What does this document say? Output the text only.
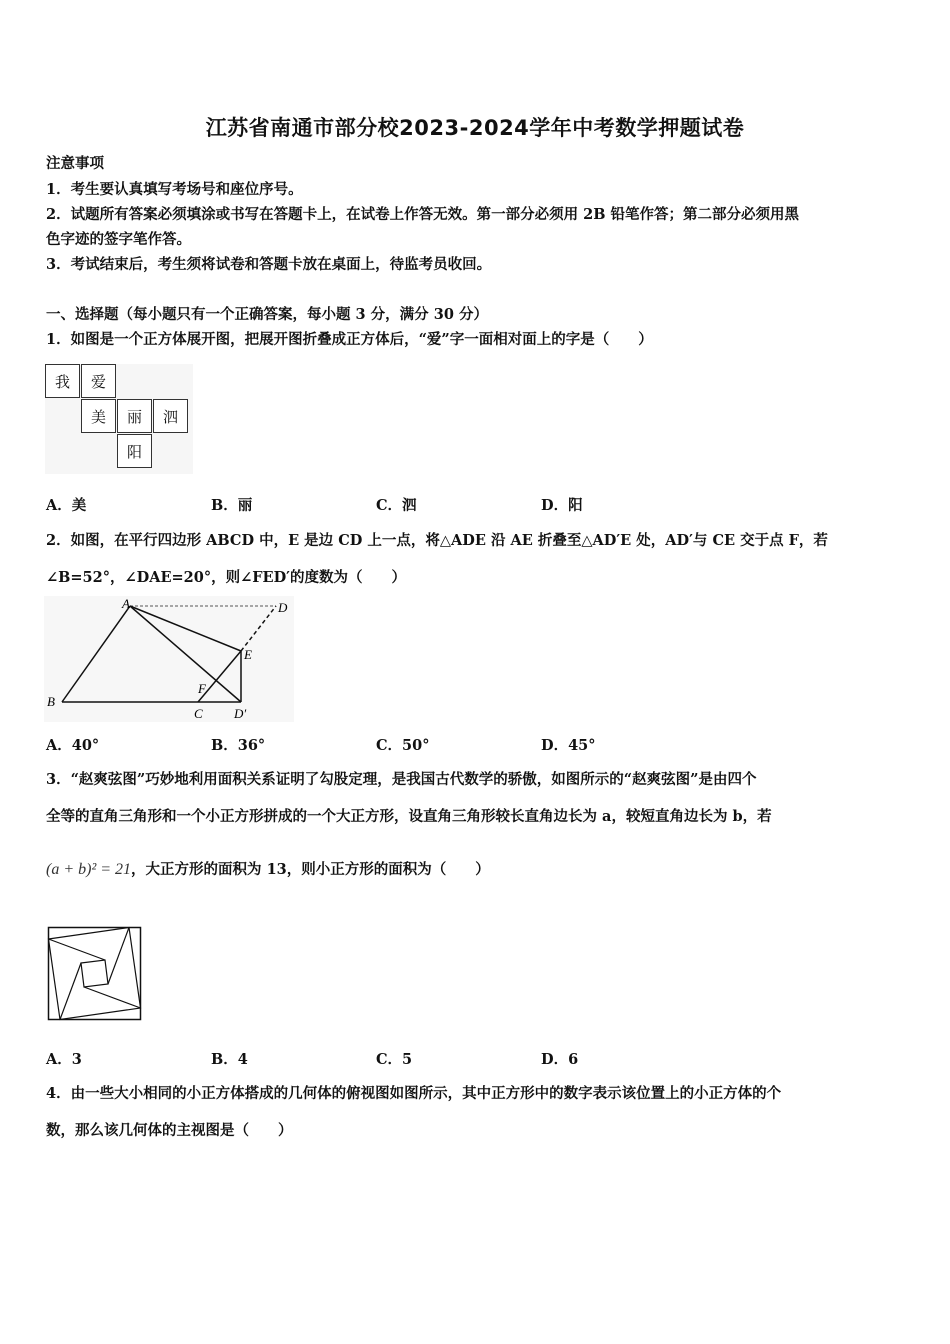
江苏省南通市部分校2023-2024学年中考数学押题试卷
注意事项
1．考生要认真填写考场号和座位序号。
2．试题所有答案必须填涂或书写在答题卡上，在试卷上作答无效。第一部分必须用 2B 铅笔作答；第二部分必须用黑
色字迹的签字笔作答。
3．考试结束后，考生须将试卷和答题卡放在桌面上，待监考员收回。
一、选择题（每小题只有一个正确答案，每小题 3 分，满分 30 分）
1．如图是一个正方体展开图，把展开图折叠成正方体后，“爱”字一面相对面上的字是（　　）
我	爱
美	丽	泗
阳
A．美	B．丽	C．泗	D．阳
2．如图，在平行四边形 ABCD 中，E 是边 CD 上一点，将△ADE 沿 AE 折叠至△AD′E 处，AD′与 CE 交于点 F，若
∠B=52°，∠DAE=20°，则∠FED′的度数为（　　）
A	D
E
F
B
C D′
A．40°	B．36°	C．50°	D．45°
3．“赵爽弦图”巧妙地利用面积关系证明了勾股定理，是我国古代数学的骄傲，如图所示的“赵爽弦图”是由四个
全等的直角三角形和一个小正方形拼成的一个大正方形，设直角三角形较长直角边长为 a，较短直角边长为 b，若
(a + b)² = 21，大正方形的面积为 13，则小正方形的面积为（　　）
A．3	B．4	C．5	D．6
4．由一些大小相同的小正方体搭成的几何体的俯视图如图所示，其中正方形中的数字表示该位置上的小正方体的个
数，那么该几何体的主视图是（　　）
